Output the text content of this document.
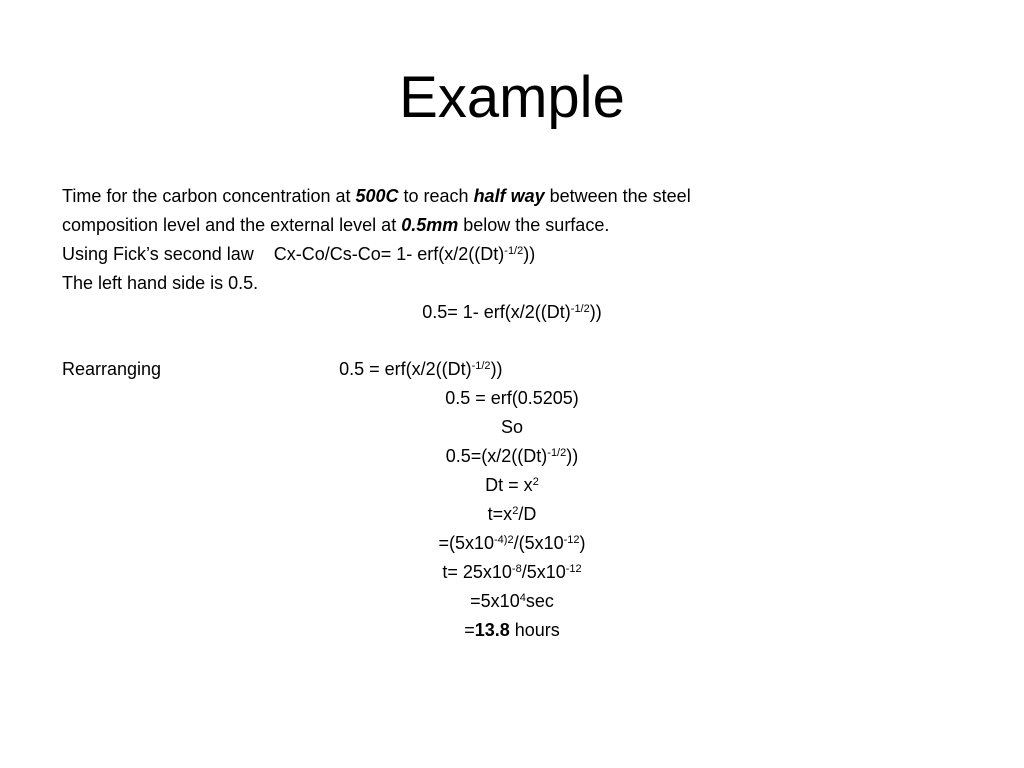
Example
Time for the carbon concentration at 500C to reach half way between the steel
composition level and the external level at 0.5mm below the surface.
Using Fick’s second law Cx-Co/Cs-Co= 1- $erf(x/2((Dt)^{-1/2}))$
The left hand side is 0.5.
0.5= 1- $erf(x/2((Dt)^{-1/2}))$
Rearranging	$0.5 = erf(x/2((Dt)^{-1/2}))$
0.5 = erf(0.5205)
So
$0.5=(x/2((Dt)^{-1/2}))$
$Dt = x^2$
$t=x^2/D$
$=(5x10^{-4)2}/(5x10^{-12})$
$t= 25x10^{-8}/5x10^{-12}$
$=5x10^4\sec$
=13.8 hours
